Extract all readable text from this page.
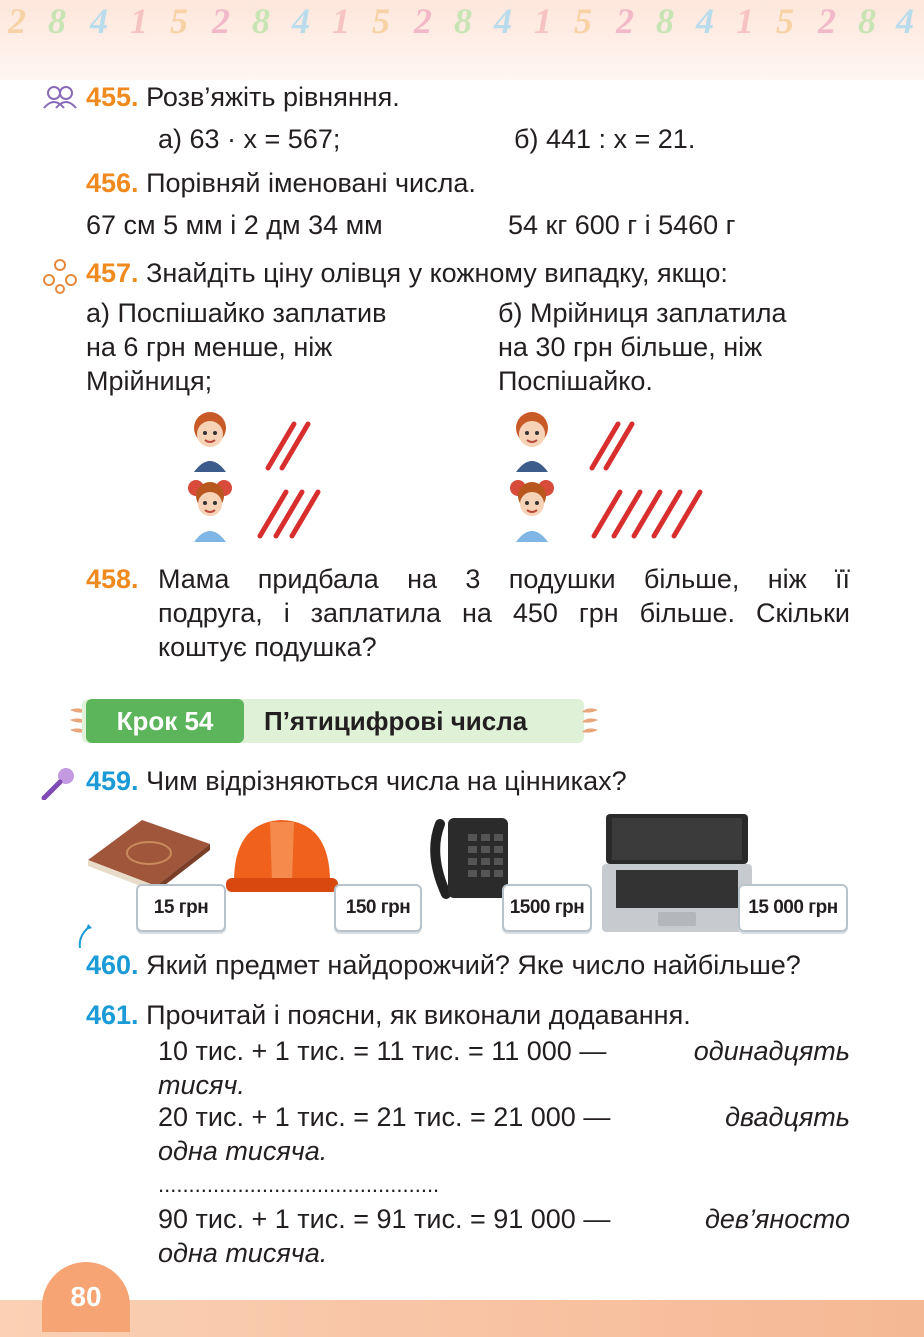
2 8 4 1 5 2 8 4 1 5 2 8 4 1 5 2 8 4 1 5 2 8 4
455. Розв’яжіть рівняння.
а) 63 · x = 567;	б) 441 : x = 21.
456. Порівняй іменовані числа.
67 см 5 мм і 2 дм 34 мм	54 кг 600 г і 5460 г
457. Знайдіть ціну олівця у кожному випадку, якщо:
а) Поспішайко заплатив
на 6 грн менше, ніж
Мрійниця;
б) Мрійниця заплатила
на 30 грн більше, ніж
Поспішайко.
458. Мама придбала на 3 подушки більше, ніж її
подруга, і заплатила на 450 грн більше. Скільки
коштує подушка?
Крок 54	П’ятицифрові числа
459. Чим відрізняються числа на цінниках?
15 грн	150 грн	1500 грн	15 000 грн
460. Який предмет найдорожчий? Яке число найбільше?
461. Прочитай і поясни, як виконали додавання.
10 тис. + 1 тис. = 11 тис. = 11 000 —	одинадцять
тисяч.
20 тис. + 1 тис. = 21 тис. = 21 000 —	двадцять
одна тисяча.
..............................................
90 тис. + 1 тис. = 91 тис. = 91 000 —	дев’яносто
одна тисяча.
80
